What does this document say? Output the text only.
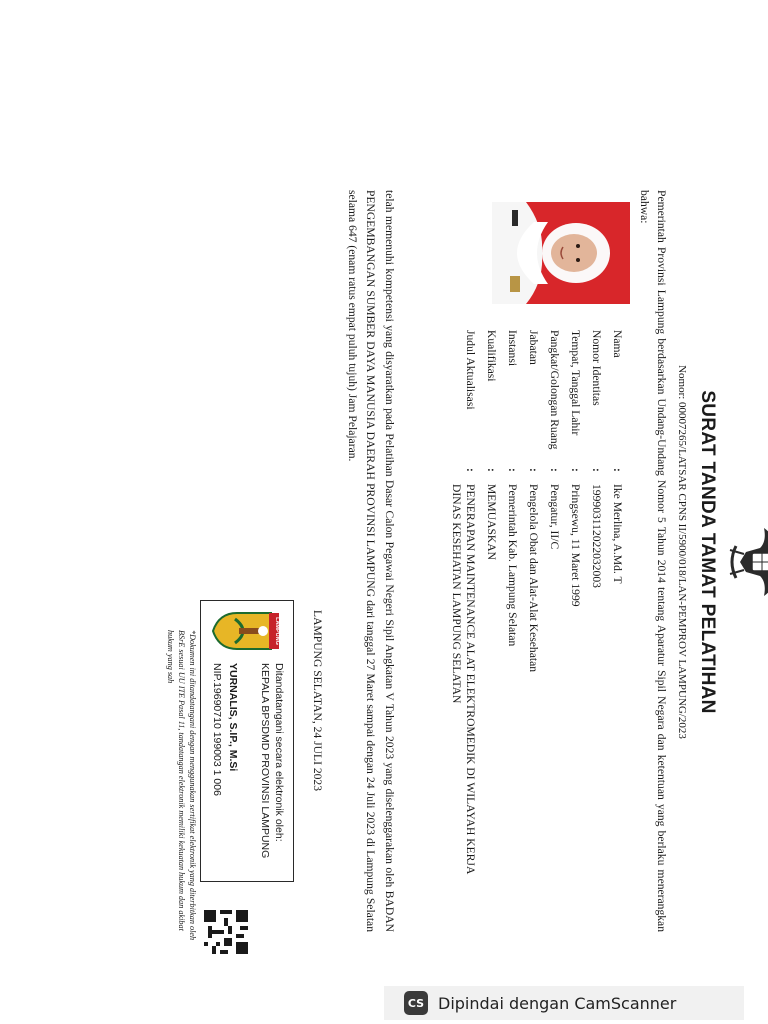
SURAT TANDA TAMAT PELATIHAN
Nomor: 00007265/LATSAR CPNS II/5900/018/LAN-PEMPROV LAMPUNG/2023
Pemerintah Provinsi Lampung berdasarkan Undang-Undang Nomor 5 Tahun 2014 tentang Aparatur Sipil Negara dan ketentuan yang berlaku menerangkan bahwa:
Nama
:
Ike Merlina, A.Md. T
Nomor Identitas
:
199903112022032003
Tempat, Tanggal Lahir
:
Pringsewu, 11 Maret 1999
Pangkat/Golongan Ruang
:
Pengatur, II/C
Jabatan
:
Pengelola Obat dan Alat-Alat Kesehatan
Instansi
:
Pemerintah Kab. Lampung Selatan
Kualifikasi
:
MEMUASKAN
Judul Aktualisasi
:
PENERAPAN MAINTENANCE ALAT ELEKTROMEDIK DI WILAYAH KERJA DINAS KESEHATAN LAMPUNG SELATAN
telah memenuhi kompetensi yang disyaratkan pada Pelatihan Dasar Calon Pegawai Negeri Sipil Angkatan V Tahun 2023 yang diselenggarakan oleh BADAN PENGEMBANGAN SUMBER DAYA MANUSIA DAERAH PROVINSI LAMPUNG dari tanggal 27 Maret sampai dengan 24 Juli 2023 di Lampung Selatan selama 647 (enam ratus empat puluh tujuh) Jam Pelajaran.
LAMPUNG SELATAN, 24 JULI 2023
LAMPUNG
Ditandatangani secara elektronik oleh:
KEPALA BPSDMD PROVINSI LAMPUNG
YURNALIS, S.IP., M.Si
NIP.19690710 199003 1 006
*Dokumen ini ditandatangani dengan menggunakan sertifikat elektronik yang diterbitkan oleh BSrE sesuai UU ITE Pasal 11, tandatangan elektronik memiliki kekuatan hukum dan akibat hukum yang sah
CS Dipindai dengan CamScanner
